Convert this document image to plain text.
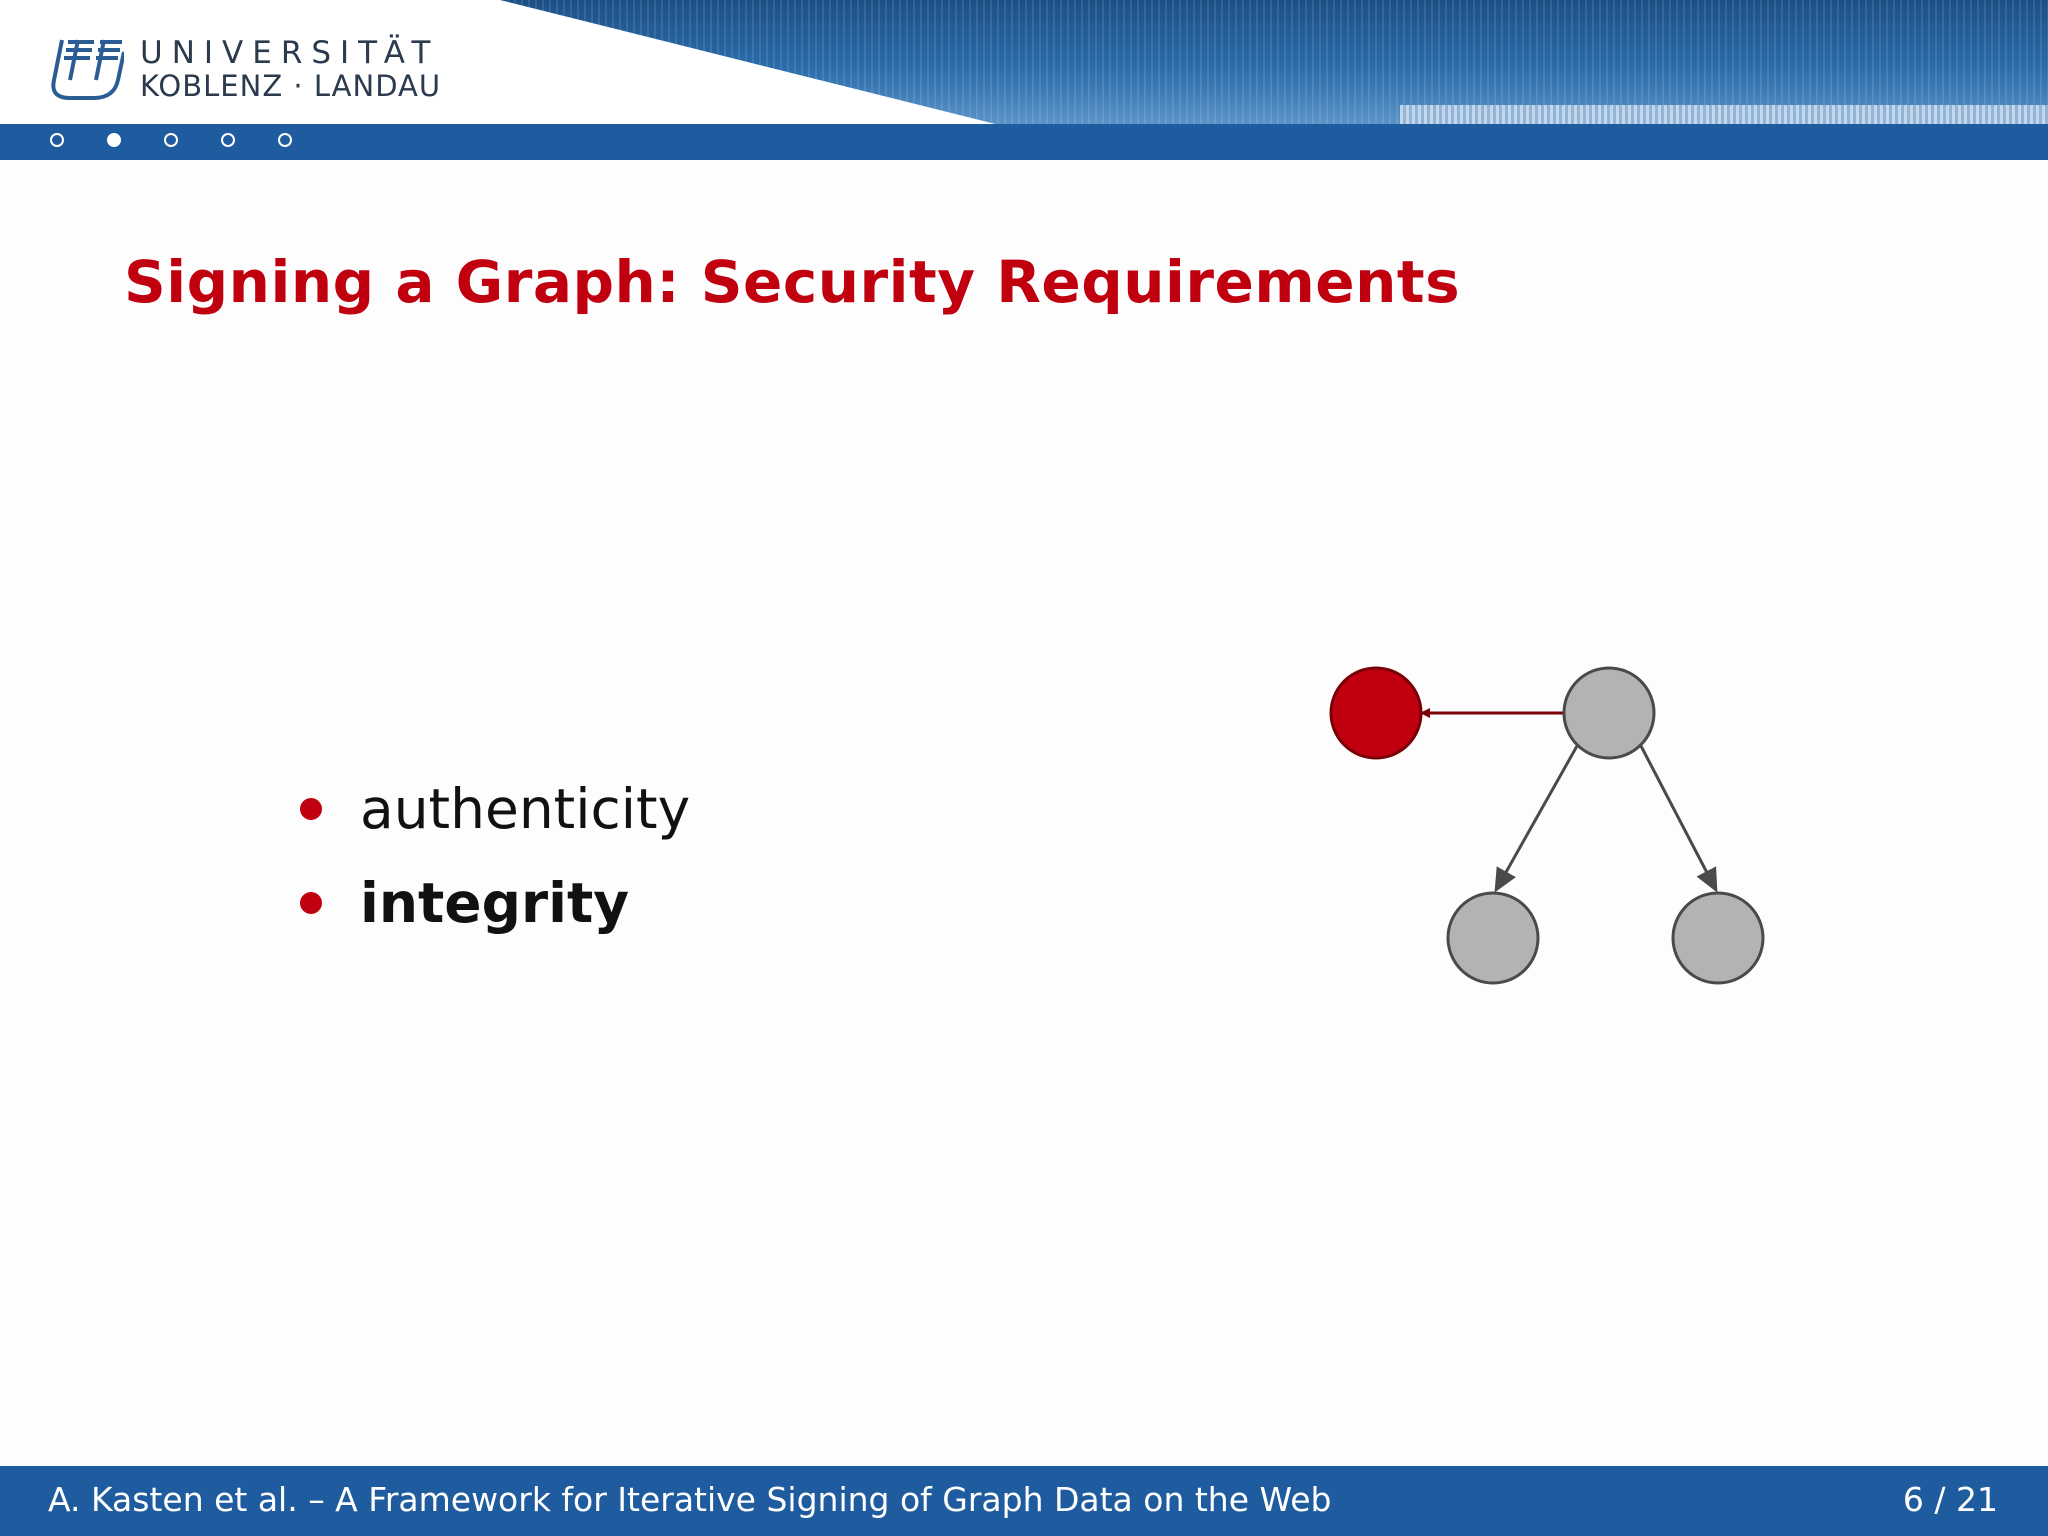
UNIVERSITÄT
KOBLENZ · LANDAU
Signing a Graph: Security Requirements
authenticity
integrity
A. Kasten et al. – A Framework for Iterative Signing of Graph Data on the Web	6 / 21
